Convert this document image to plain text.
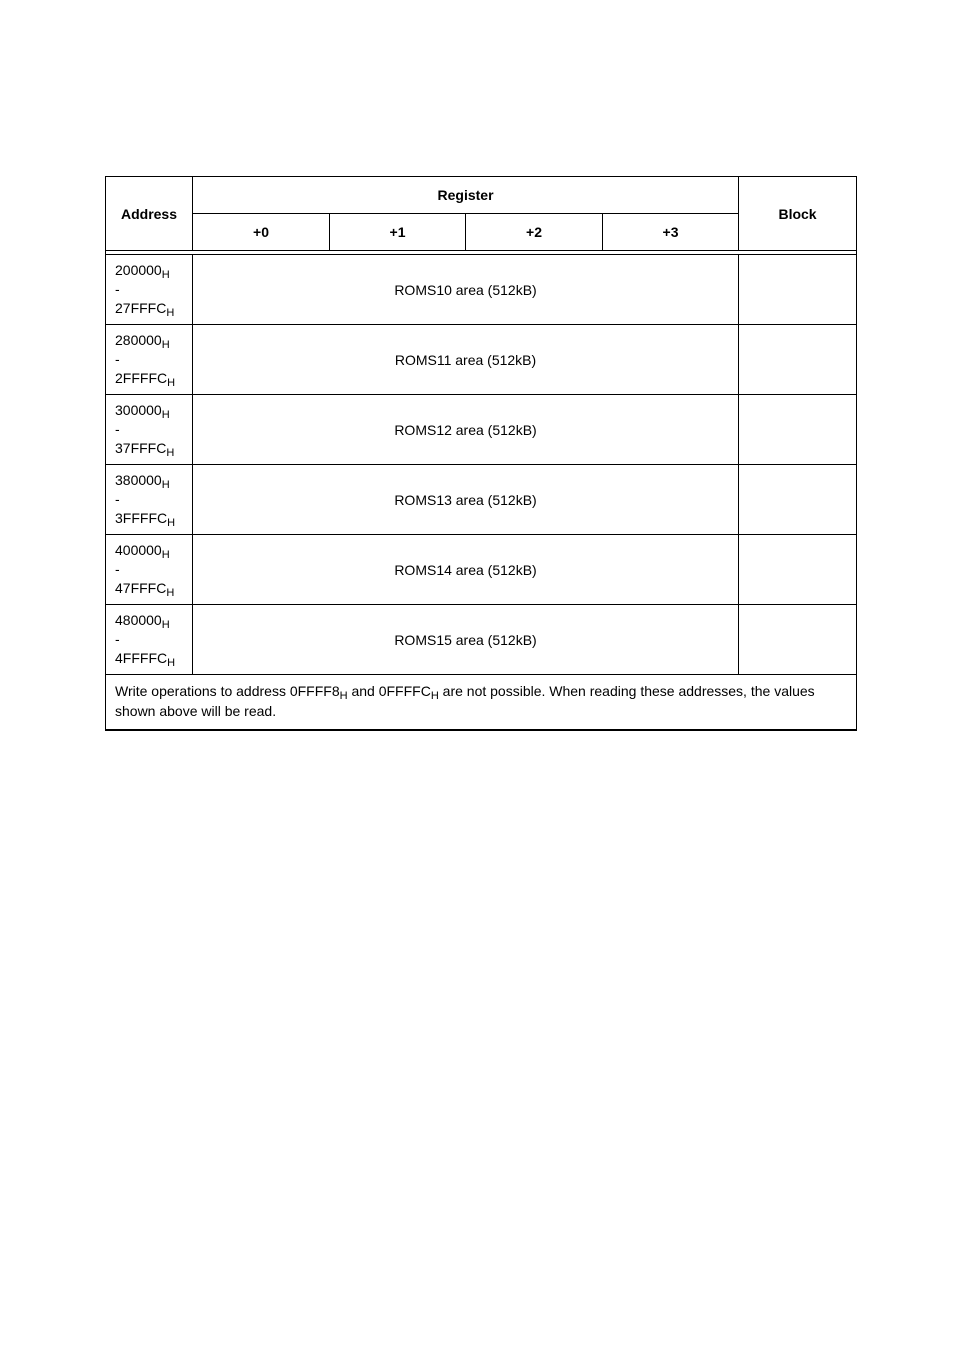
Address	Register				Block
	+0	+1	+2	+3	

$200000_H$
-
$27FFFC_H$	ROMS10 area (512kB)				

$280000_H$
-
$2FFFFC_H$	ROMS11 area (512kB)				

$300000_H$
-
$37FFFC_H$	ROMS12 area (512kB)				

$380000_H$
-
$3FFFFC_H$	ROMS13 area (512kB)				

$400000_H$
-
$47FFFC_H$	ROMS14 area (512kB)				

$480000_H$
-
$4FFFFC_H$	ROMS15 area (512kB)				
Write operations to address $0FFFF8_H$ and $0FFFFC_H$ are not possible. When reading these addresses, the values shown above will be read.					
